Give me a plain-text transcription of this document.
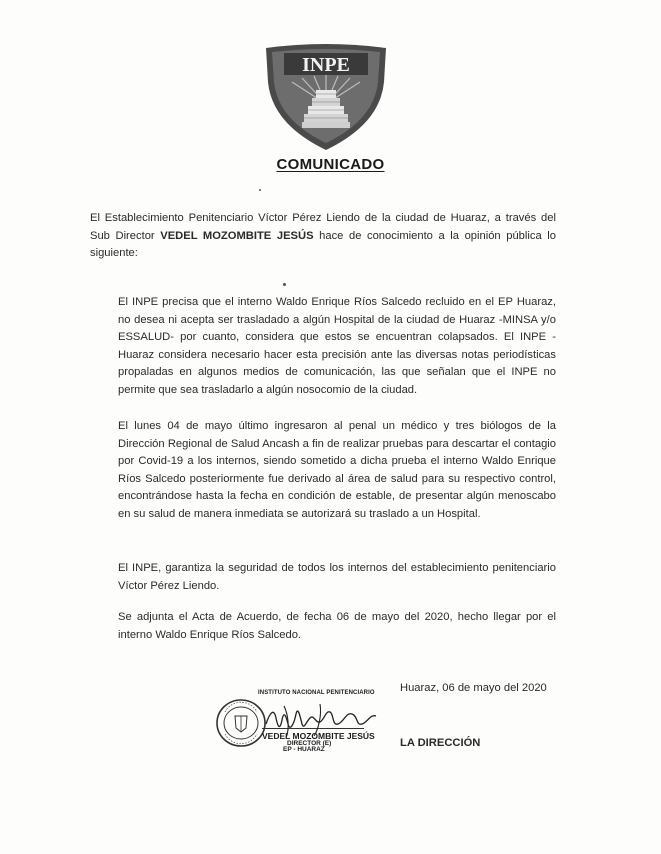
INPE
COMUNICADO
El Establecimiento Penitenciario Víctor Pérez Liendo de la ciudad de Huaraz, a través del Sub Director VEDEL MOZOMBITE JESÚS hace de conocimiento a la opinión pública lo siguiente:
El INPE precisa que el interno Waldo Enrique Ríos Salcedo recluido en el EP Huaraz, no desea ni acepta ser trasladado a algún Hospital de la ciudad de Huaraz -MINSA y/o ESSALUD- por cuanto, considera que estos se encuentran colapsados. El INPE - Huaraz considera necesario hacer esta precisión ante las diversas notas periodísticas propaladas en algunos medios de comunicación, las que señalan que el INPE no permite que sea trasladarlo a algún nosocomio de la ciudad.
El lunes 04 de mayo último ingresaron al penal un médico y tres biólogos de la Dirección Regional de Salud Ancash a fin de realizar pruebas para descartar el contagio por Covid-19 a los internos, siendo sometido a dicha prueba el interno Waldo Enrique Ríos Salcedo posteriormente fue derivado al área de salud para su respectivo control, encontrándose hasta la fecha en condición de estable, de presentar algún menoscabo en su salud de manera inmediata se autorizará su traslado a un Hospital.
El INPE, garantiza la seguridad de todos los internos del establecimiento penitenciario Víctor Pérez Liendo.
Se adjunta el Acta de Acuerdo, de fecha 06 de mayo del 2020, hecho llegar por el interno Waldo Enrique Ríos Salcedo.
Huaraz, 06 de mayo del 2020
LA DIRECCIÓN
INSTITUTO NACIONAL PENITENCIARIO
VEDEL MOZOMBITE JESÚS
DIRECTOR (E)
EP - HUARAZ
